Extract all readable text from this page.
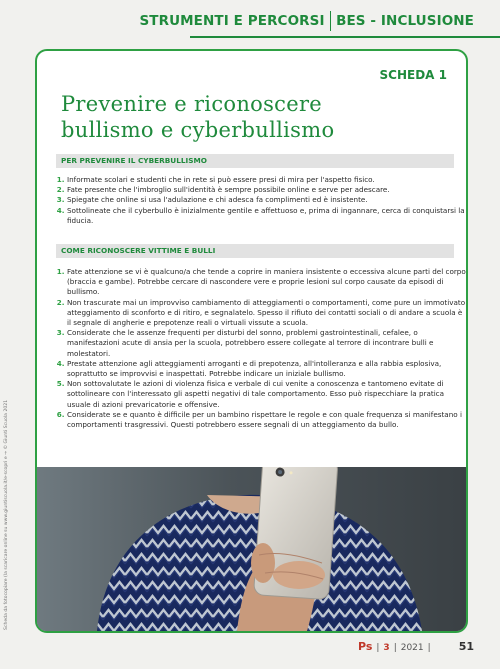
STRUMENTI E PERCORSI BES - INCLUSIONE
SCHEDA 1
Prevenire e riconoscere
bullismo e cyberbullismo
PER PREVENIRE IL CYBERBULLISMO
1. Informate scolari e studenti che in rete si può essere presi di mira per l'aspetto fisico.
2. Fate presente che l'imbroglio sull'identità è sempre possibile online e serve per adescare.
3. Spiegate che online si usa l'adulazione e chi adesca fa complimenti ed è insistente.
4. Sottolineate che il cyberbullo è inizialmente gentile e affettuoso e, prima di ingannare, cerca di conquistarsi la fiducia.
COME RICONOSCERE VITTIME E BULLI
1. Fate attenzione se vi è qualcuno/a che tende a coprire in maniera insistente o eccessiva alcune parti del corpo (braccia e gambe). Potrebbe cercare di nascondere vere e proprie lesioni sul corpo causate da episodi di bullismo.
2. Non trascurate mai un improvviso cambiamento di atteggiamenti o comportamenti, come pure un immotivato atteggiamento di sconforto e di ritiro, e segnalatelo. Spesso il rifiuto dei contatti sociali o di andare a scuola è il segnale di angherie e prepotenze reali o virtuali vissute a scuola.
3. Considerate che le assenze frequenti per disturbi del sonno, problemi gastrointestinali, cefalee, o manifestazioni acute di ansia per la scuola, potrebbero essere collegate al terrore di incontrare bulli e molestatori.
4. Prestate attenzione agli atteggiamenti arroganti e di prepotenza, all'intolleranza e alla rabbia esplosiva, soprattutto se improvvisi e inaspettati. Potrebbe indicare un iniziale bullismo.
5. Non sottovalutate le azioni di violenza fisica e verbale di cui venite a conoscenza e tantomeno evitate di sottolineare con l'interessato gli aspetti negativi di tale comportamento. Esso può rispecchiare la pratica usuale di azioni prevaricatorie e offensive.
6. Considerate se e quanto è difficile per un bambino rispettare le regole e con quale frequenza si manifestano i comportamenti trasgressivi. Questi potrebbero essere segnali di un atteggiamento da bullo.
Ps | 3 | 2021 |	51
Scheda da fotocopiare (la scaricare online su www.giuntiscuola.it/e-scopri e → © Giunti Scuola 2021
